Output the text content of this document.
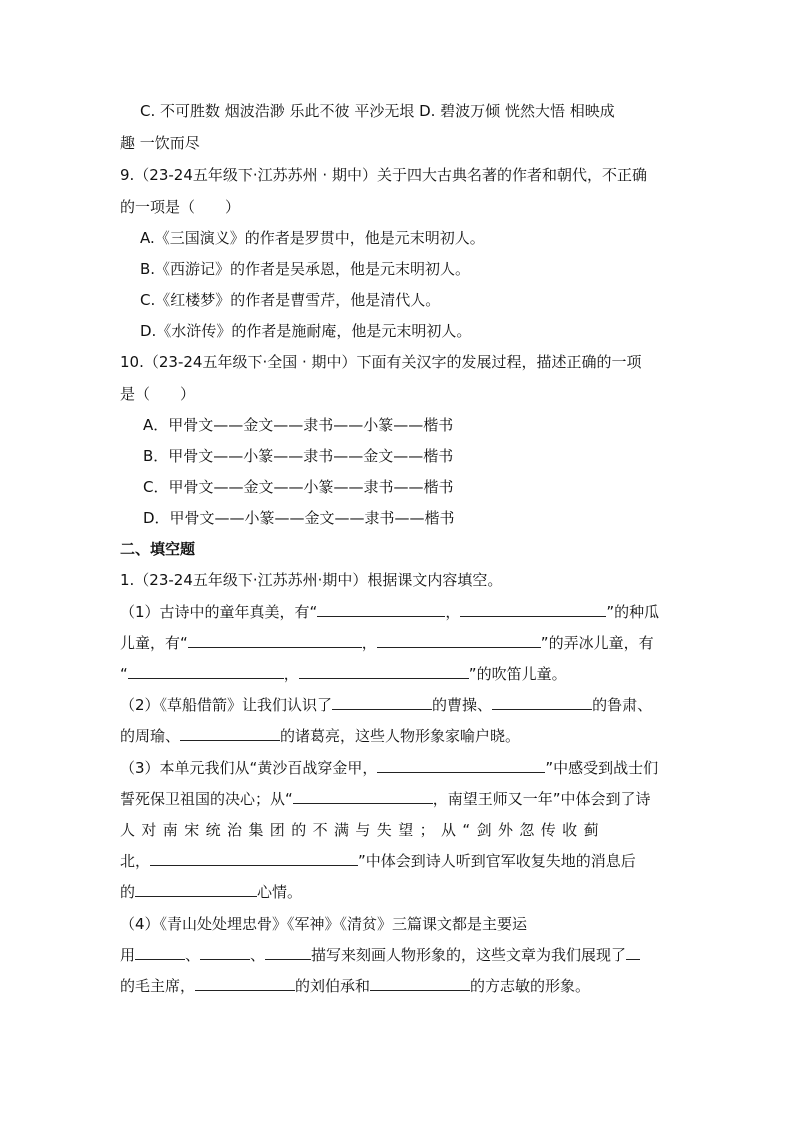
C. 不可胜数 烟波浩渺 乐此不彼 平沙无垠 D. 碧波万倾 恍然大悟 相映成
趣 一饮而尽
9.（23-24五年级下·江苏苏州 · 期中）关于四大古典名著的作者和朝代，不正确
的一项是（　　）
A.《三国演义》的作者是罗贯中，他是元末明初人。
B.《西游记》的作者是吴承恩，他是元末明初人。
C.《红楼梦》的作者是曹雪芹，他是清代人。
D.《水浒传》的作者是施耐庵，他是元末明初人。
10.（23-24五年级下·全国 · 期中）下面有关汉字的发展过程，描述正确的一项
是（　　）
A．甲骨文——金文——隶书——小篆——楷书
B．甲骨文——小篆——隶书——金文——楷书
C．甲骨文——金文——小篆——隶书——楷书
D．甲骨文——小篆——金文——隶书——楷书
二、填空题
1.（23-24五年级下·江苏苏州·期中）根据课文内容填空。
（1）古诗中的童年真美，有“	，	”的种瓜
儿童，有“	，	”的弄冰儿童，有
“	，	”的吹笛儿童。
（2）《草船借箭》让我们认识了	的曹操、	的鲁肃、
的周瑜、	的诸葛亮，这些人物形象家喻户晓。
（3）本单元我们从“黄沙百战穿金甲，	”中感受到战士们
誓死保卫祖国的决心；从“	，南望王师又一年”中体会到了诗
人对南宋统治集团的不满与失望；从“剑外忽传收蓟
北，	”中体会到诗人听到官军收复失地的消息后
的	心情。
（4）《青山处处埋忠骨》《军神》《清贫》三篇课文都是主要运
用	、	、	描写来刻画人物形象的，这些文章为我们展现了
的毛主席，	的刘伯承和	的方志敏的形象。
